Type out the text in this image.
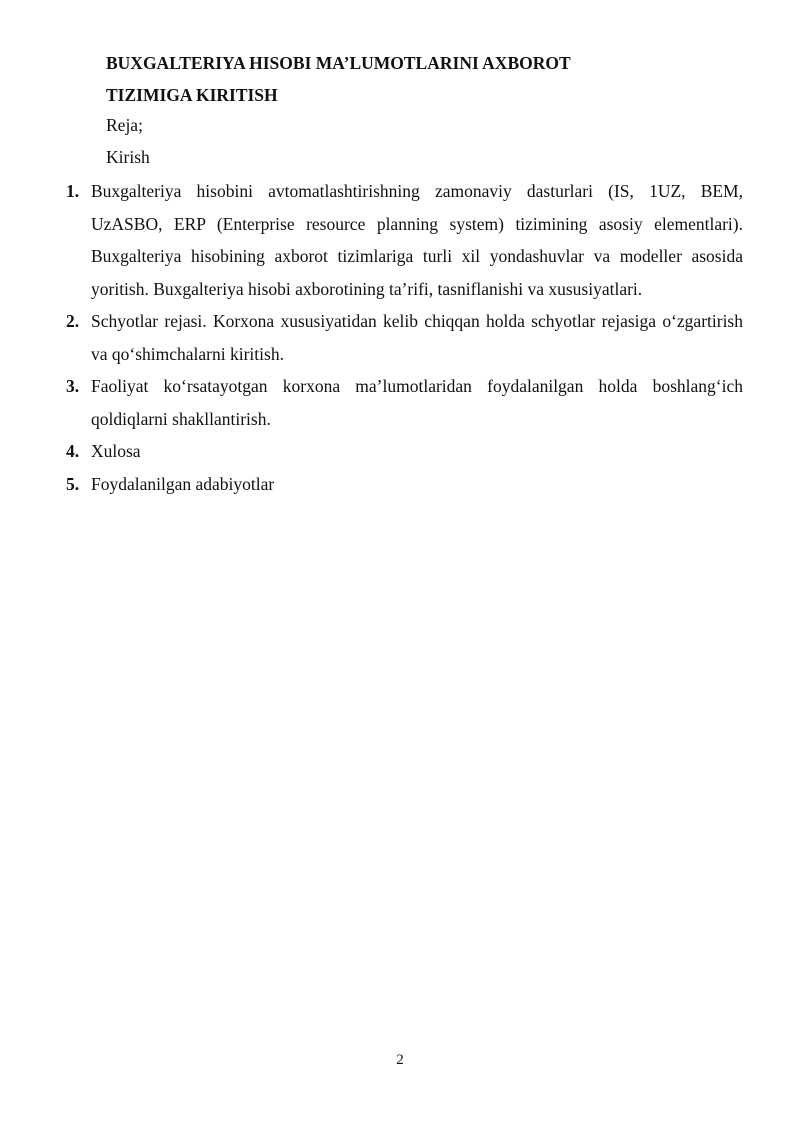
BUXGALTERIYA HISOBI MA’LUMOTLARINI AXBOROT
TIZIMIGA KIRITISH

Reja;

Kirish

1. Buxgalteriya hisobini avtomatlashtirishning zamonaviy dasturlari (IS, 1UZ, BEM, UzASBO, ERP (Enterprise resource planning system) tizimining asosiy elementlari). Buxgalteriya hisobining axborot tizimlariga turli xil yondashuvlar va modeller asosida yoritish. Buxgalteriya hisobi axborotining ta’rifi, tasniflanishi va xususiyatlari.
2. Schyotlar rejasi. Korxona xususiyatidan kelib chiqqan holda schyotlar rejasiga o‘zgartirish va qo‘shimchalarni kiritish.
3. Faoliyat ko‘rsatayotgan korxona ma’lumotlaridan foydalanilgan holda boshlang‘ich qoldiqlarni shakllantirish.
4. Xulosa
5. Foydalanilgan adabiyotlar
2
